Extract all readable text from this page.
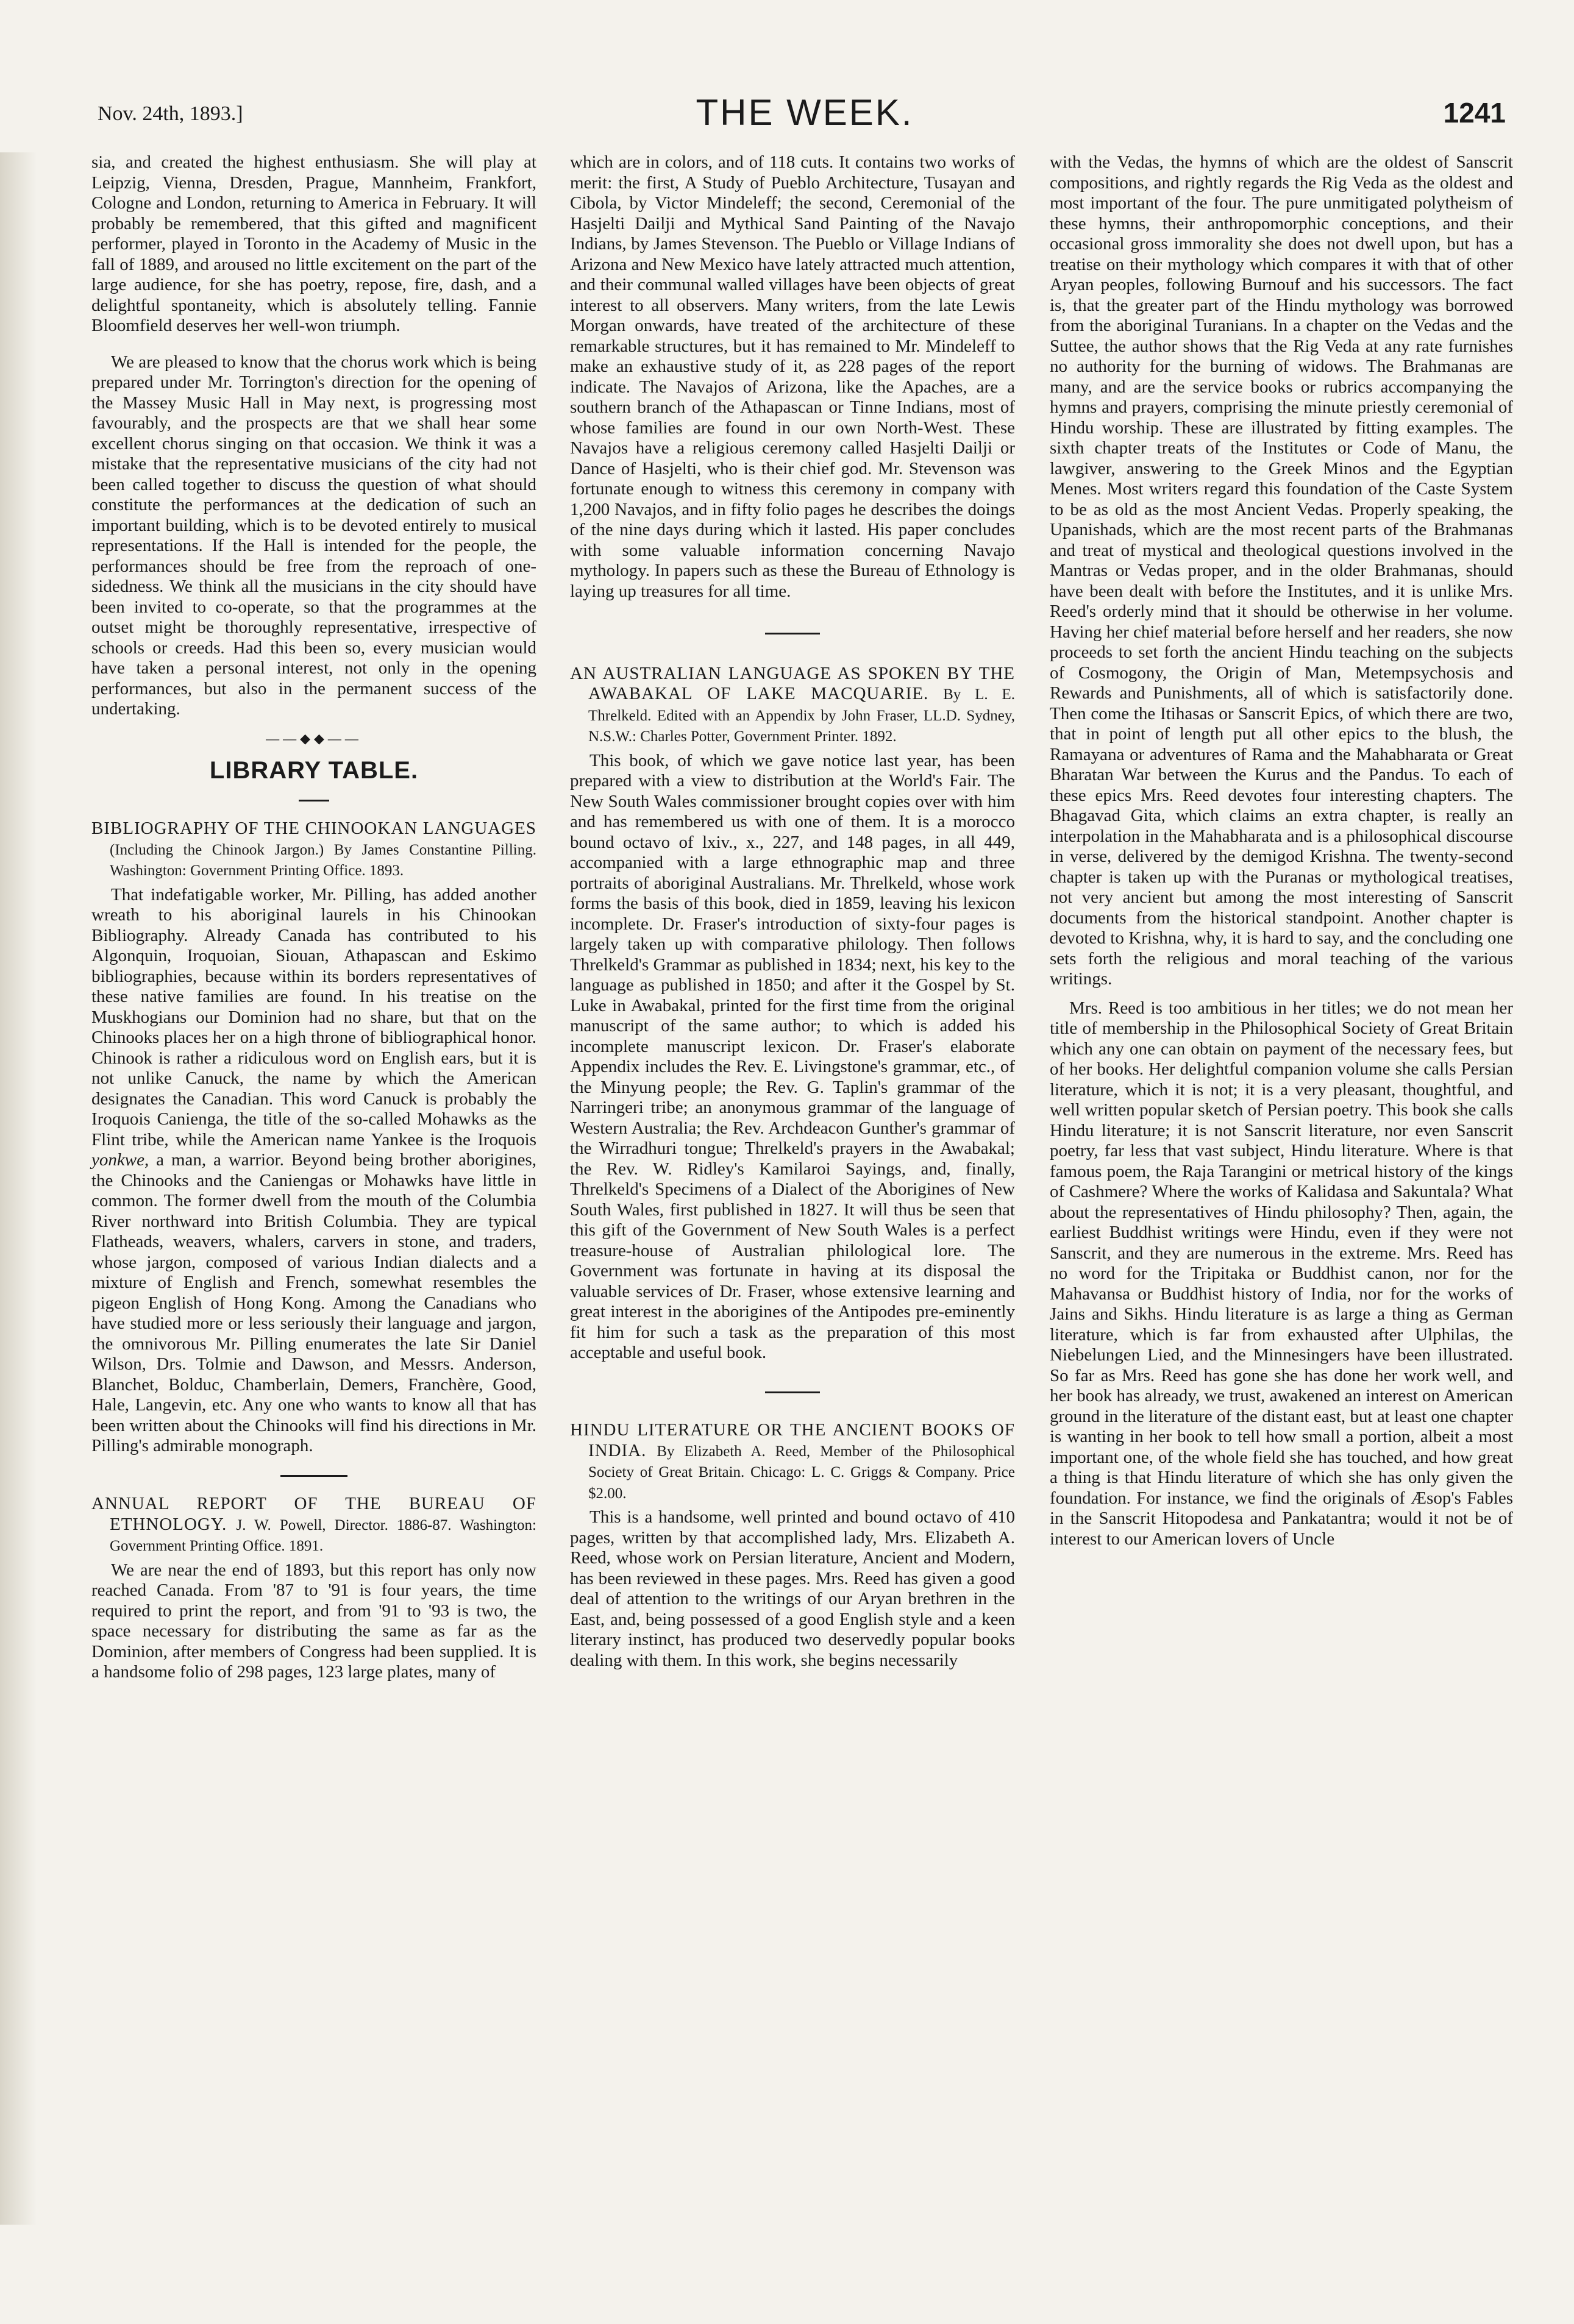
Nov. 24th, 1893.]	THE WEEK.	1241

sia, and created the highest enthusiasm. She will play at Leipzig, Vienna, Dresden, Prague, Mannheim, Frankfort, Cologne and London, returning to America in February. It will probably be remembered, that this gifted and magnificent performer, played in Toronto in the Academy of Music in the fall of 1889, and aroused no little excitement on the part of the large audience, for she has poetry, repose, fire, dash, and a delightful spontaneity, which is absolutely telling. Fannie Bloomfield deserves her well-won triumph.

We are pleased to know that the chorus work which is being prepared under Mr. Torrington's direction for the opening of the Massey Music Hall in May next, is progressing most favourably, and the prospects are that we shall hear some excellent chorus singing on that occasion. We think it was a mistake that the representative musicians of the city had not been called together to discuss the question of what should constitute the performances at the dedication of such an important building, which is to be devoted entirely to musical representations. If the Hall is intended for the people, the performances should be free from the reproach of one-sidedness. We think all the musicians in the city should have been invited to co-operate, so that the programmes at the outset might be thoroughly representative, irrespective of schools or creeds. Had this been so, every musician would have taken a personal interest, not only in the opening performances, but also in the permanent success of the undertaking.

——◆◆——
LIBRARY TABLE.
BIBLIOGRAPHY OF THE CHINOOKAN LANGUAGES (Including the Chinook Jargon.) By James Constantine Pilling. Washington: Government Printing Office. 1893.

That indefatigable worker, Mr. Pilling, has added another wreath to his aboriginal laurels in his Chinookan Bibliography. Already Canada has contributed to his Algonquin, Iroquoian, Siouan, Athapascan and Eskimo bibliographies, because within its borders representatives of these native families are found. In his treatise on the Muskhogians our Dominion had no share, but that on the Chinooks places her on a high throne of bibliographical honor. Chinook is rather a ridiculous word on English ears, but it is not unlike Canuck, the name by which the American designates the Canadian. This word Canuck is probably the Iroquois Canienga, the title of the so-called Mohawks as the Flint tribe, while the American name Yankee is the Iroquois yonkwe, a man, a warrior. Beyond being brother aborigines, the Chinooks and the Caniengas or Mohawks have little in common. The former dwell from the mouth of the Columbia River northward into British Columbia. They are typical Flatheads, weavers, whalers, carvers in stone, and traders, whose jargon, composed of various Indian dialects and a mixture of English and French, somewhat resembles the pigeon English of Hong Kong. Among the Canadians who have studied more or less seriously their language and jargon, the omnivorous Mr. Pilling enumerates the late Sir Daniel Wilson, Drs. Tolmie and Dawson, and Messrs. Anderson, Blanchet, Bolduc, Chamberlain, Demers, Franchère, Good, Hale, Langevin, etc. Any one who wants to know all that has been written about the Chinooks will find his directions in Mr. Pilling's admirable monograph.

ANNUAL REPORT OF THE BUREAU OF ETHNOLOGY. J. W. Powell, Director. 1886-87. Washington: Government Printing Office. 1891.

We are near the end of 1893, but this report has only now reached Canada. From '87 to '91 is four years, the time required to print the report, and from '91 to '93 is two, the space necessary for distributing the same as far as the Dominion, after members of Congress had been supplied. It is a handsome folio of 298 pages, 123 large plates, many of

which are in colors, and of 118 cuts. It contains two works of merit: the first, A Study of Pueblo Architecture, Tusayan and Cibola, by Victor Mindeleff; the second, Ceremonial of the Hasjelti Dailji and Mythical Sand Painting of the Navajo Indians, by James Stevenson. The Pueblo or Village Indians of Arizona and New Mexico have lately attracted much attention, and their communal walled villages have been objects of great interest to all observers. Many writers, from the late Lewis Morgan onwards, have treated of the architecture of these remarkable structures, but it has remained to Mr. Mindeleff to make an exhaustive study of it, as 228 pages of the report indicate. The Navajos of Arizona, like the Apaches, are a southern branch of the Athapascan or Tinne Indians, most of whose families are found in our own North-West. These Navajos have a religious ceremony called Hasjelti Dailji or Dance of Hasjelti, who is their chief god. Mr. Stevenson was fortunate enough to witness this ceremony in company with 1,200 Navajos, and in fifty folio pages he describes the doings of the nine days during which it lasted. His paper concludes with some valuable information concerning Navajo mythology. In papers such as these the Bureau of Ethnology is laying up treasures for all time.

AN AUSTRALIAN LANGUAGE AS SPOKEN BY THE AWABAKAL OF LAKE MACQUARIE. By L. E. Threlkeld. Edited with an Appendix by John Fraser, LL.D. Sydney, N.S.W.: Charles Potter, Government Printer. 1892.

This book, of which we gave notice last year, has been prepared with a view to distribution at the World's Fair. The New South Wales commissioner brought copies over with him and has remembered us with one of them. It is a morocco bound octavo of lxiv., x., 227, and 148 pages, in all 449, accompanied with a large ethnographic map and three portraits of aboriginal Australians. Mr. Threlkeld, whose work forms the basis of this book, died in 1859, leaving his lexicon incomplete. Dr. Fraser's introduction of sixty-four pages is largely taken up with comparative philology. Then follows Threlkeld's Grammar as published in 1834; next, his key to the language as published in 1850; and after it the Gospel by St. Luke in Awabakal, printed for the first time from the original manuscript of the same author; to which is added his incomplete manuscript lexicon. Dr. Fraser's elaborate Appendix includes the Rev. E. Livingstone's grammar, etc., of the Minyung people; the Rev. G. Taplin's grammar of the Narringeri tribe; an anonymous grammar of the language of Western Australia; the Rev. Archdeacon Gunther's grammar of the Wirradhuri tongue; Threlkeld's prayers in the Awabakal; the Rev. W. Ridley's Kamilaroi Sayings, and, finally, Threlkeld's Specimens of a Dialect of the Aborigines of New South Wales, first published in 1827. It will thus be seen that this gift of the Government of New South Wales is a perfect treasure-house of Australian philological lore. The Government was fortunate in having at its disposal the valuable services of Dr. Fraser, whose extensive learning and great interest in the aborigines of the Antipodes pre-eminently fit him for such a task as the preparation of this most acceptable and useful book.

HINDU LITERATURE OR THE ANCIENT BOOKS OF INDIA. By Elizabeth A. Reed, Member of the Philosophical Society of Great Britain. Chicago: L. C. Griggs & Company. Price $2.00.

This is a handsome, well printed and bound octavo of 410 pages, written by that accomplished lady, Mrs. Elizabeth A. Reed, whose work on Persian literature, Ancient and Modern, has been reviewed in these pages. Mrs. Reed has given a good deal of attention to the writings of our Aryan brethren in the East, and, being possessed of a good English style and a keen literary instinct, has produced two deservedly popular books dealing with them. In this work, she begins necessarily

with the Vedas, the hymns of which are the oldest of Sanscrit compositions, and rightly regards the Rig Veda as the oldest and most important of the four. The pure unmitigated polytheism of these hymns, their anthropomorphic conceptions, and their occasional gross immorality she does not dwell upon, but has a treatise on their mythology which compares it with that of other Aryan peoples, following Burnouf and his successors. The fact is, that the greater part of the Hindu mythology was borrowed from the aboriginal Turanians. In a chapter on the Vedas and the Suttee, the author shows that the Rig Veda at any rate furnishes no authority for the burning of widows. The Brahmanas are many, and are the service books or rubrics accompanying the hymns and prayers, comprising the minute priestly ceremonial of Hindu worship. These are illustrated by fitting examples. The sixth chapter treats of the Institutes or Code of Manu, the lawgiver, answering to the Greek Minos and the Egyptian Menes. Most writers regard this foundation of the Caste System to be as old as the most Ancient Vedas. Properly speaking, the Upanishads, which are the most recent parts of the Brahmanas and treat of mystical and theological questions involved in the Mantras or Vedas proper, and in the older Brahmanas, should have been dealt with before the Institutes, and it is unlike Mrs. Reed's orderly mind that it should be otherwise in her volume. Having her chief material before herself and her readers, she now proceeds to set forth the ancient Hindu teaching on the subjects of Cosmogony, the Origin of Man, Metempsychosis and Rewards and Punishments, all of which is satisfactorily done. Then come the Itihasas or Sanscrit Epics, of which there are two, that in point of length put all other epics to the blush, the Ramayana or adventures of Rama and the Mahabharata or Great Bharatan War between the Kurus and the Pandus. To each of these epics Mrs. Reed devotes four interesting chapters. The Bhagavad Gita, which claims an extra chapter, is really an interpolation in the Mahabharata and is a philosophical discourse in verse, delivered by the demigod Krishna. The twenty-second chapter is taken up with the Puranas or mythological treatises, not very ancient but among the most interesting of Sanscrit documents from the historical standpoint. Another chapter is devoted to Krishna, why, it is hard to say, and the concluding one sets forth the religious and moral teaching of the various writings.

Mrs. Reed is too ambitious in her titles; we do not mean her title of membership in the Philosophical Society of Great Britain which any one can obtain on payment of the necessary fees, but of her books. Her delightful companion volume she calls Persian literature, which it is not; it is a very pleasant, thoughtful, and well written popular sketch of Persian poetry. This book she calls Hindu literature; it is not Sanscrit literature, nor even Sanscrit poetry, far less that vast subject, Hindu literature. Where is that famous poem, the Raja Tarangini or metrical history of the kings of Cashmere? Where the works of Kalidasa and Sakuntala? What about the representatives of Hindu philosophy? Then, again, the earliest Buddhist writings were Hindu, even if they were not Sanscrit, and they are numerous in the extreme. Mrs. Reed has no word for the Tripitaka or Buddhist canon, nor for the Mahavansa or Buddhist history of India, nor for the works of Jains and Sikhs. Hindu literature is as large a thing as German literature, which is far from exhausted after Ulphilas, the Niebelungen Lied, and the Minnesingers have been illustrated. So far as Mrs. Reed has gone she has done her work well, and her book has already, we trust, awakened an interest on American ground in the literature of the distant east, but at least one chapter is wanting in her book to tell how small a portion, albeit a most important one, of the whole field she has touched, and how great a thing is that Hindu literature of which she has only given the foundation. For instance, we find the originals of Æsop's Fables in the Sanscrit Hitopodesa and Pankatantra; would it not be of interest to our American lovers of Uncle
